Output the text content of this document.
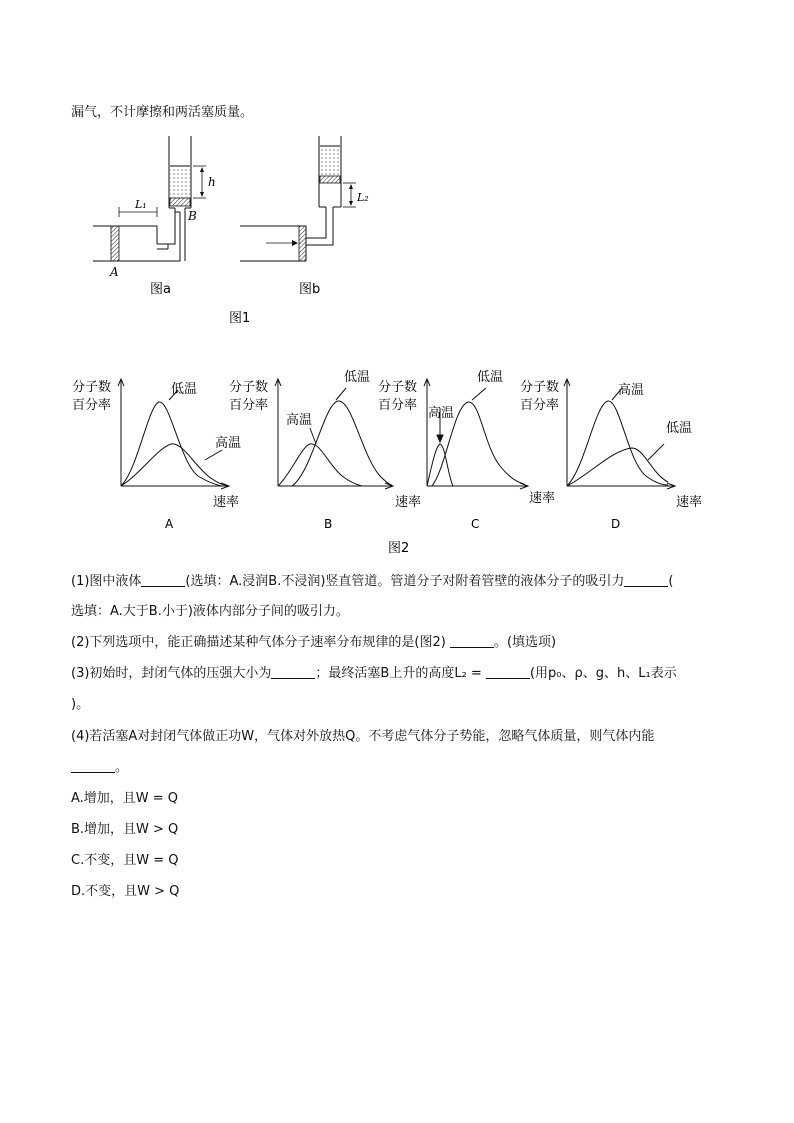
漏气，不计摩擦和两活塞质量。
h
L₁
B
A
图a
L₂
图b
图1
分子数
百分率
低温
高温
速率
A
分子数
百分率
低温
高温
速率
B
分子数
百分率
低温
高温
速率
C
分子数
百分率
高温
低温
速率
D
图2
(1)图中液体	(选填：A.浸润B.不浸润)竖直管道。管道分子对附着管壁的液体分子的吸引力	(
选填：A.大于B.小于)液体内部分子间的吸引力。
(2)下列选项中，能正确描述某种气体分子速率分布规律的是(图2)	。(填选项)
(3)初始时，封闭气体的压强大小为	；最终活塞B上升的高度L₂ =	(用p₀、ρ、g、h、L₁表示
)。
(4)若活塞A对封闭气体做正功W，气体对外放热Q。不考虑气体分子势能，忽略气体质量，则气体内能
。
A.增加，且W = Q
B.增加，且W > Q
C.不变，且W = Q
D.不变，且W > Q
